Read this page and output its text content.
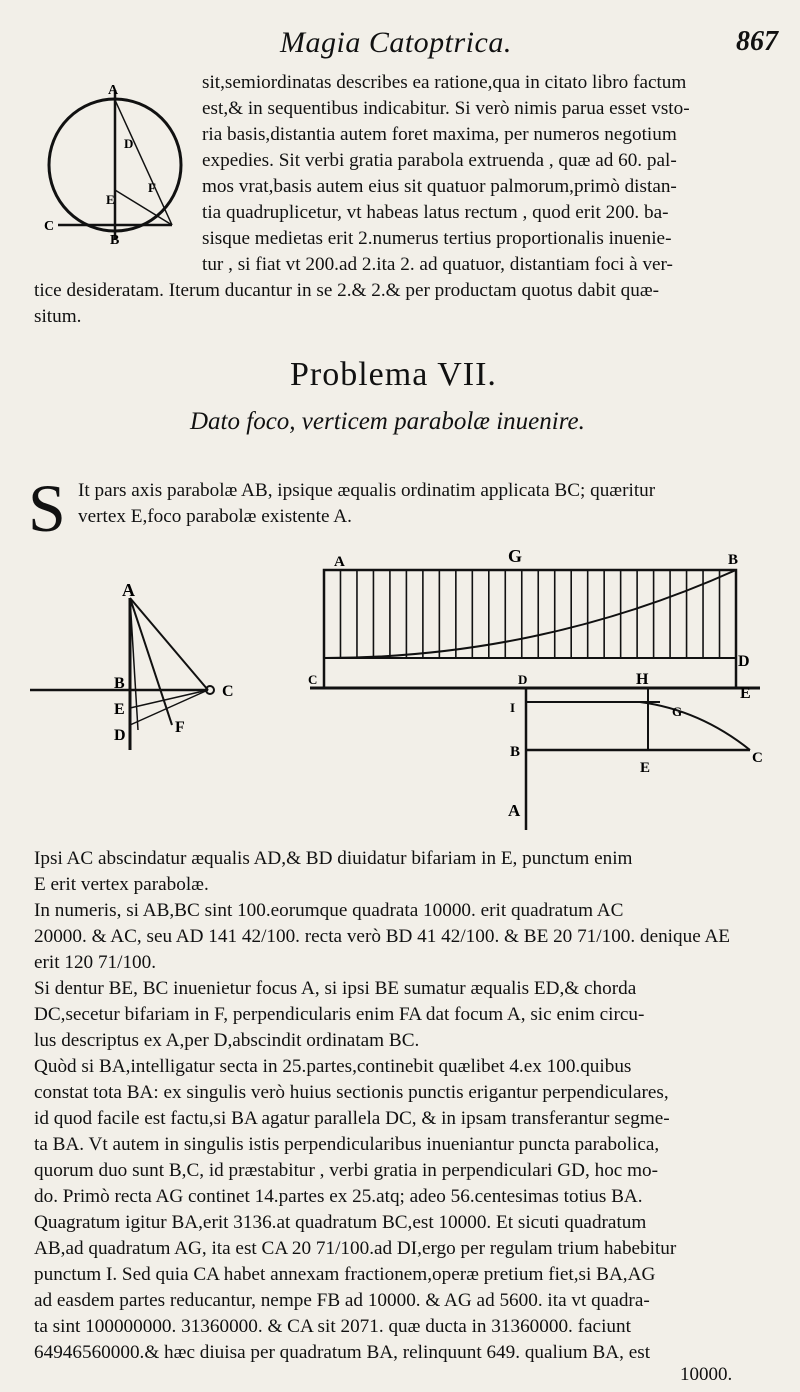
Magia Catoptrica.	867
A
D
E
F
C
B
sit,semiordinatas describes ea ratione,qua in citato libro factum
est,& in sequentibus indicabitur. Si verò nimis parua esset vsto-
ria basis,distantia autem foret maxima, per numeros negotium
expedies. Sit verbi gratia parabola extruenda , quæ ad 60. pal-
mos vrat,basis autem eius sit quatuor palmorum,primò distan-
tia quadruplicetur, vt habeas latus rectum , quod erit 200. ba-
sisque medietas erit 2.numerus tertius proportionalis inuenie-
tur , si fiat vt 200.ad 2.ita 2. ad quatuor, distantiam foci à ver-
tice desideratam. Iterum ducantur in se 2.& 2.& per productam quotus dabit quæ-
situm.
Problema VII.
Dato foco, verticem parabolæ inuenire.
S It pars axis parabolæ AB, ipsique æqualis ordinatim applicata BC; quæritur
vertex E,foco parabolæ existente A.
A
B
E
D	F
C
A	G	B
D
C	D	H
E
I	G
B
E
C
A
Ipsi AC abscindatur æqualis AD,& BD diuidatur bifariam in E, punctum enim
E erit vertex parabolæ.
In numeris, si AB,BC sint 100.eorumque quadrata 10000. erit quadratum AC
20000. & AC, seu AD 141 42/100. recta verò BD 41 42/100. & BE 20 71/100. denique AE
erit 120 71/100.
Si dentur BE, BC inuenietur focus A, si ipsi BE sumatur æqualis ED,& chorda
DC,secetur bifariam in F, perpendicularis enim FA dat focum A, sic enim circu-
lus descriptus ex A,per D,abscindit ordinatam BC.
Quòd si BA,intelligatur secta in 25.partes,continebit quælibet 4.ex 100.quibus
constat tota BA: ex singulis verò huius sectionis punctis erigantur perpendiculares,
id quod facile est factu,si BA agatur parallela DC, & in ipsam transferantur segme-
ta BA. Vt autem in singulis istis perpendicularibus inueniantur puncta parabolica,
quorum duo sunt B,C, id præstabitur , verbi gratia in perpendiculari GD, hoc mo-
do. Primò recta AG continet 14.partes ex 25.atq; adeo 56.centesimas totius BA.
Quagratum igitur BA,erit 3136.at quadratum BC,est 10000. Et sicuti quadratum
AB,ad quadratum AG, ita est CA 20 71/100.ad DI,ergo per regulam trium habebitur
punctum I. Sed quia CA habet annexam fractionem,operæ pretium fiet,si BA,AG
ad easdem partes reducantur, nempe FB ad 10000. & AG ad 5600. ita vt quadra-
ta sint 100000000. 31360000. & CA sit 2071. quæ ducta in 31360000. faciunt
64946560000.& hæc diuisa per quadratum BA, relinquunt 649. qualium BA, est
10000.
